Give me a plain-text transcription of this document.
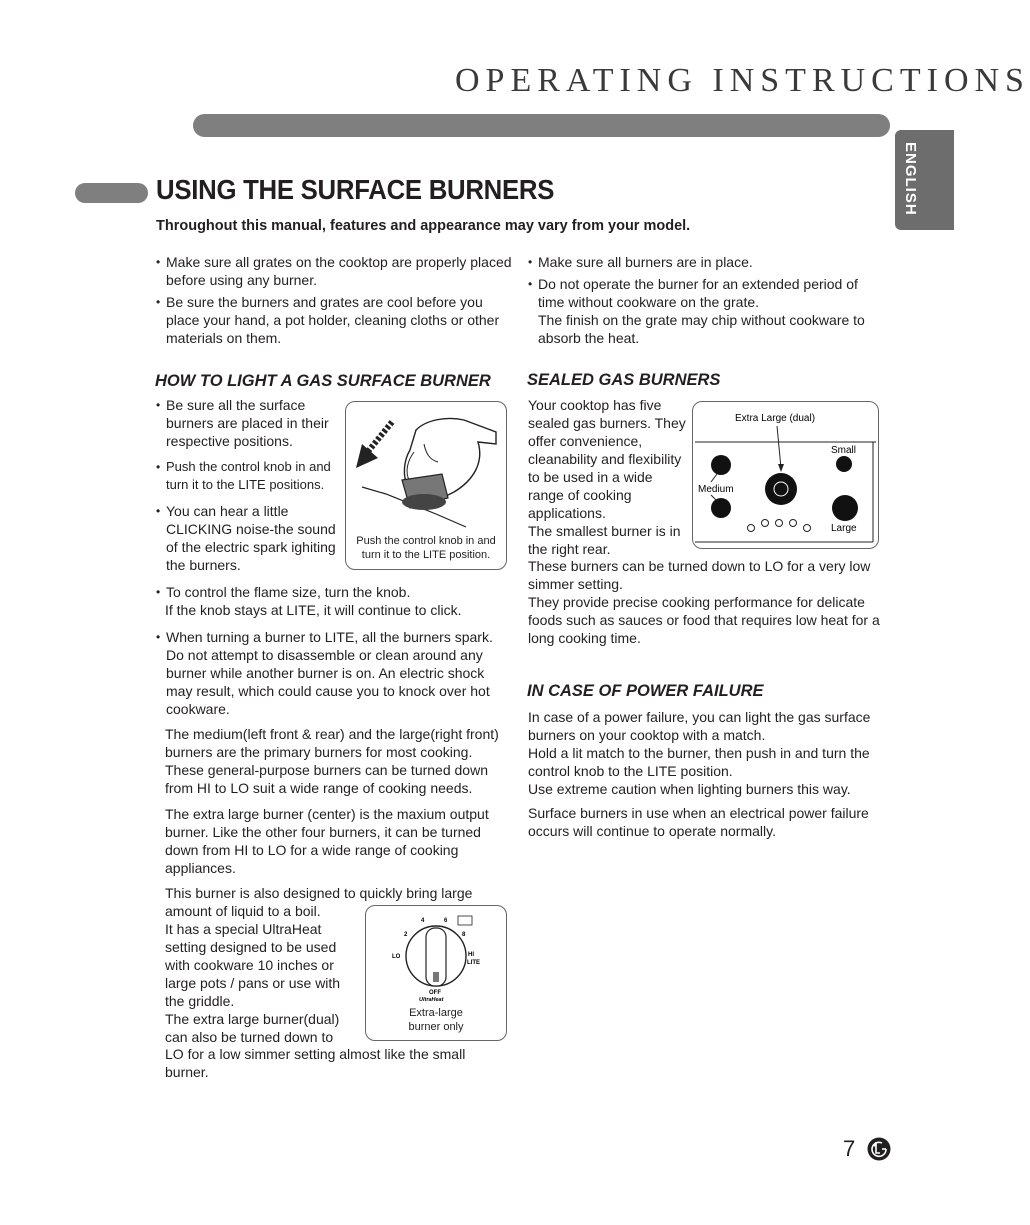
OPERATING INSTRUCTIONS
ENGLISH
USING THE SURFACE BURNERS
Throughout this manual, features and appearance may vary from your model.

• Make sure all grates on the cooktop are properly placed before using any burner.

• Be sure the burners and grates are cool before you place your hand, a pot holder, cleaning cloths or other materials on them.

• Make sure all burners are in place.

• Do not operate the burner for an extended period of time without cookware on the grate.

The finish on the grate may chip without cookware to absorb the heat.

HOW TO LIGHT A GAS SURFACE BURNER

• Be sure all the surface burners are placed in their respective positions.

• Push the control knob in and turn it to the LITE positions.

• You can hear a little CLICKING noise-the sound of the electric spark ighiting the burners.

Push the control knob in and turn it to the LITE position.

• To control the flame size, turn the knob.

If the knob stays at LITE, it will continue to click.

• When turning a burner to LITE, all the burners spark. Do not attempt to disassemble or clean around any burner while another burner is on. An electric shock may result, which could cause you to knock over hot cookware.

The medium(left front & rear) and the large(right front) burners are the primary burners for most cooking. These general-purpose burners can be turned down from HI to LO suit a wide range of cooking needs.

The extra large burner (center) is the maxium output burner. Like the other four burners, it can be turned down from HI to LO for a wide range of cooking appliances.

This burner is also designed to quickly bring large amount of liquid to a boil.

It has a special UltraHeat setting designed to be used with cookware 10 inches or large pots / pans or use with the griddle.

The extra large burner(dual) can also be turned down to

LO for a low simmer setting almost like the small burner.

2
4	6
8
LO	HI
LITE
OFF
UltraHeat
Extra-large burner only
SEALED GAS BURNERS

Your cooktop has five sealed gas burners. They offer convenience, cleanability and flexibility to be used in a wide range of cooking applications.

The smallest burner is in the right rear.

These burners can be turned down to LO for a very low simmer setting.

They provide precise cooking performance for delicate foods such as sauces or food that requires low heat for a long cooking time.

Extra Large (dual)
Small
Medium
Large
IN CASE OF POWER FAILURE

In case of a power failure, you can light the gas surface burners on your cooktop with a match.

Hold a lit match to the burner, then push in and turn the control knob to the LITE position.

Use extreme caution when lighting burners this way.

Surface burners in use when an electrical power failure occurs will continue to operate normally.

7
